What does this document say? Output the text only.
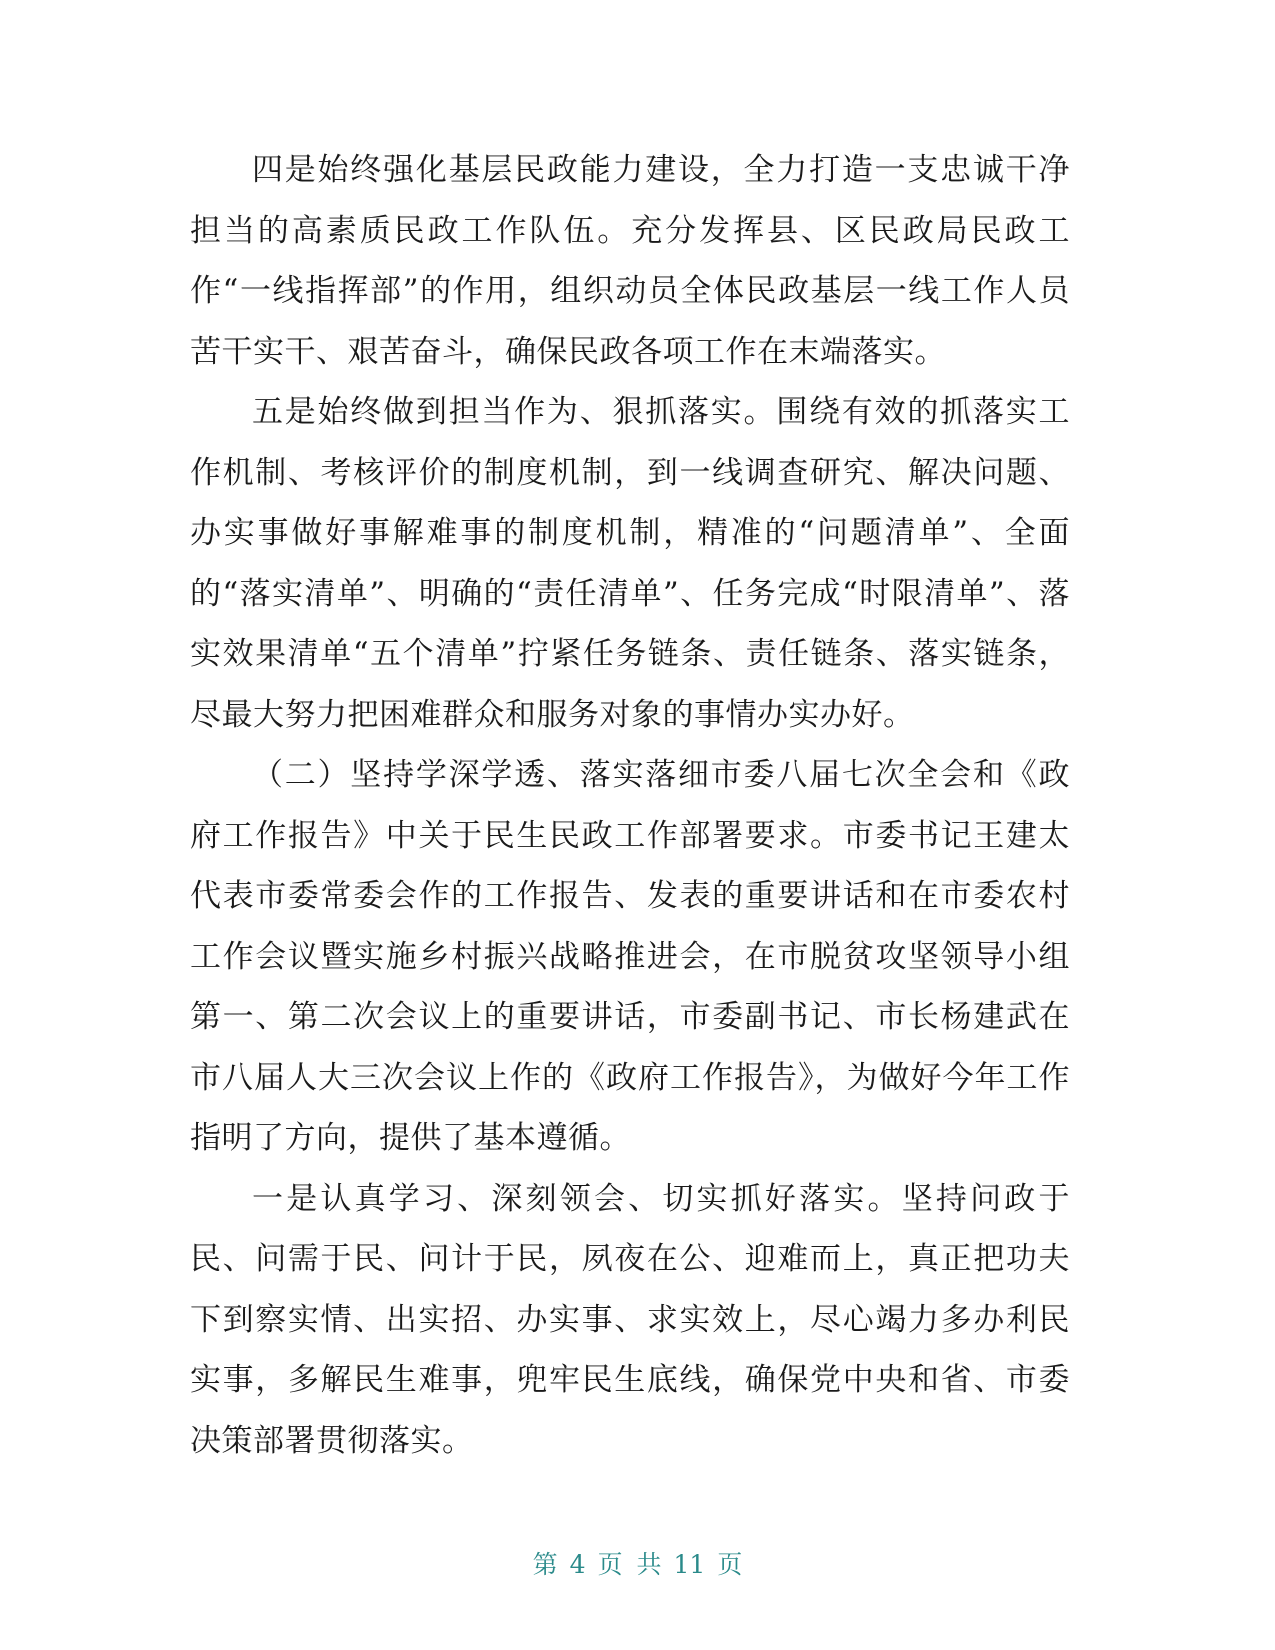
四是始终强化基层民政能力建设，全力打造一支忠诚干净担当的高素质民政工作队伍。充分发挥县、区民政局民政工作“一线指挥部”的作用，组织动员全体民政基层一线工作人员苦干实干、艰苦奋斗，确保民政各项工作在末端落实。

五是始终做到担当作为、狠抓落实。围绕有效的抓落实工作机制、考核评价的制度机制，到一线调查研究、解决问题、办实事做好事解难事的制度机制，精准的“问题清单”、全面的“落实清单”、明确的“责任清单”、任务完成“时限清单”、落实效果清单“五个清单”拧紧任务链条、责任链条、落实链条，尽最大努力把困难群众和服务对象的事情办实办好。

（二）坚持学深学透、落实落细市委八届七次全会和《政府工作报告》中关于民生民政工作部署要求。市委书记王建太代表市委常委会作的工作报告、发表的重要讲话和在市委农村工作会议暨实施乡村振兴战略推进会，在市脱贫攻坚领导小组第一、第二次会议上的重要讲话，市委副书记、市长杨建武在市八届人大三次会议上作的《政府工作报告》，为做好今年工作指明了方向，提供了基本遵循。

一是认真学习、深刻领会、切实抓好落实。坚持问政于民、问需于民、问计于民，夙夜在公、迎难而上，真正把功夫下到察实情、出实招、办实事、求实效上，尽心竭力多办利民实事，多解民生难事，兜牢民生底线，确保党中央和省、市委决策部署贯彻落实。

第 4 页 共 11 页
